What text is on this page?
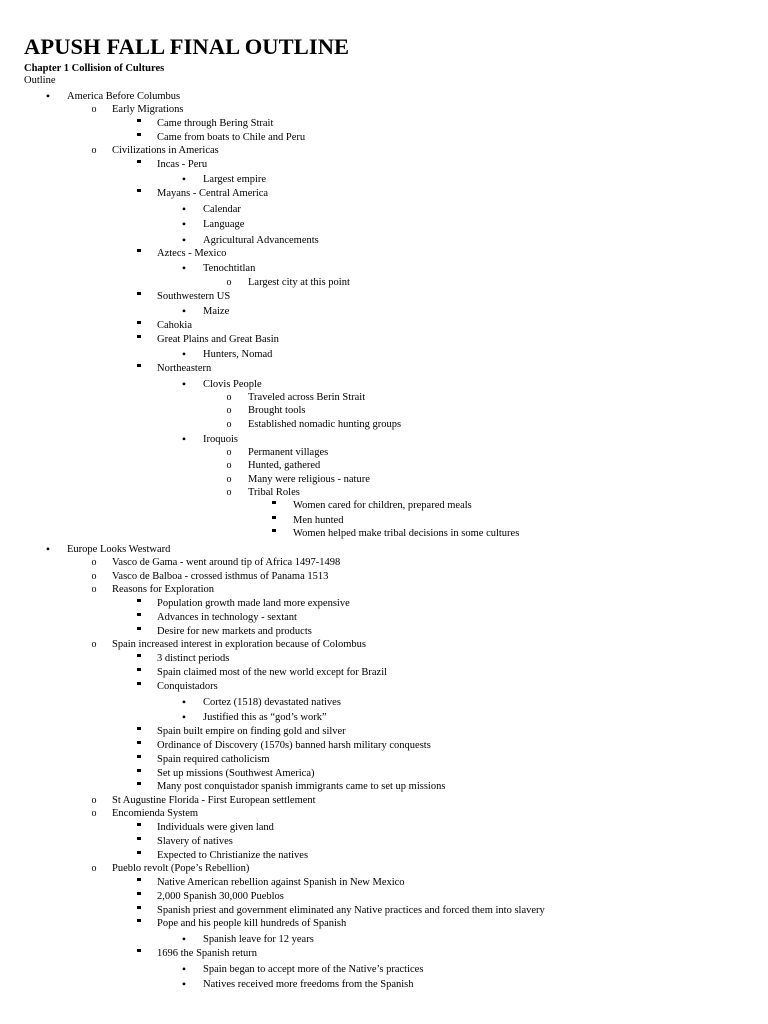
APUSH FALL FINAL OUTLINE
Chapter 1 Collision of Cultures
Outline
•
America Before Columbus
o
Early Migrations
Came through Bering Strait
Came from boats to Chile and Peru
o
Civilizations in Americas
Incas - Peru
•
Largest empire
Mayans - Central America
•
Calendar
•
Language
•
Agricultural Advancements
Aztecs - Mexico
•
Tenochtitlan
o
Largest city at this point
Southwestern US
•
Maize
Cahokia
Great Plains and Great Basin
•
Hunters, Nomad
Northeastern
•
Clovis People
o
Traveled across Berin Strait
o
Brought tools
o
Established nomadic hunting groups
•
Iroquois
o
Permanent villages
o
Hunted, gathered
o
Many were religious - nature
o
Tribal Roles
Women cared for children, prepared meals
Men hunted
Women helped make tribal decisions in some cultures
•
Europe Looks Westward
o
Vasco de Gama - went around tip of Africa 1497-1498
o
Vasco de Balboa - crossed isthmus of Panama 1513
o
Reasons for Exploration
Population growth made land more expensive
Advances in technology - sextant
Desire for new markets and products
o
Spain increased interest in exploration because of Colombus
3 distinct periods
Spain claimed most of the new world except for Brazil
Conquistadors
•
Cortez (1518) devastated natives
•
Justified this as “god’s work”
Spain built empire on finding gold and silver
Ordinance of Discovery (1570s) banned harsh military conquests
Spain required catholicism
Set up missions (Southwest America)
Many post conquistador spanish immigrants came to set up missions
o
St Augustine Florida - First European settlement
o
Encomienda System
Individuals were given land
Slavery of natives
Expected to Christianize the natives
o
Pueblo revolt (Pope’s Rebellion)
Native American rebellion against Spanish in New Mexico
2,000 Spanish 30,000 Pueblos
Spanish priest and government eliminated any Native practices and forced them into slavery
Pope and his people kill hundreds of Spanish
•
Spanish leave for 12 years
1696 the Spanish return
•
Spain began to accept more of the Native’s practices
•
Natives received more freedoms from the Spanish
